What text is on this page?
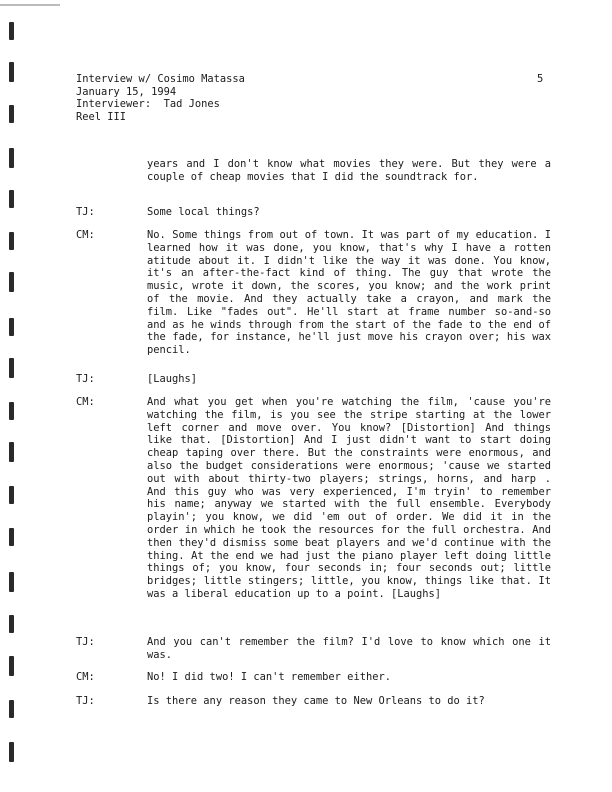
Interview w/ Cosimo Matassa
January 15, 1994
Interviewer:  Tad Jones
Reel III
5
years and I don't know what movies they were. But they were a couple of cheap movies that I did the soundtrack for.
TJ:	Some local things?
CM:	No. Some things from out of town. It was part of my education. I learned how it was done, you know, that's why I have a rotten atitude about it. I didn't like the way it was done. You know, it's an after-the-fact kind of thing. The guy that wrote the music, wrote it down, the scores, you know; and the work print of the movie. And they actually take a crayon, and mark the film. Like "fades out". He'll start at frame number so-and-so and as he winds through from the start of the fade to the end of the fade, for instance, he'll just move his crayon over; his wax pencil.
TJ:	[Laughs]
CM:	And what you get when you're watching the film, 'cause you're watching the film, is you see the stripe starting at the lower left corner and move over. You know? [Distortion] And things like that. [Distortion] And I just didn't want to start doing cheap taping over there. But the constraints were enormous, and also the budget considerations were enormous; 'cause we started out with about thirty-two players; strings, horns, and harp . And this guy who was very experienced, I'm tryin' to remember his name; anyway we started with the full ensemble. Everybody playin'; you know, we did 'em out of order. We did it in the order in which he took the resources for the full orchestra. And then they'd dismiss some beat players and we'd continue with the thing. At the end we had just the piano player left doing little things of; you know, four seconds in; four seconds out; little bridges; little stingers; little, you know, things like that. It was a liberal education up to a point. [Laughs]
TJ:	And you can't remember the film? I'd love to know which one it was.
CM:	No! I did two! I can't remember either.
TJ:	Is there any reason they came to New Orleans to do it?
